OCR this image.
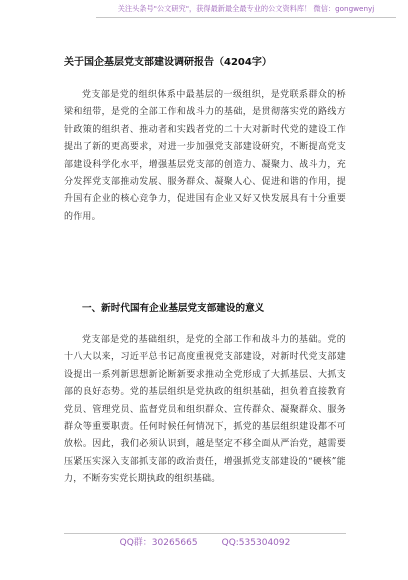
关注头条号"公文研究"，获得最新最全最专业的公文资料库！ 微信：gongwenyj
关于国企基层党支部建设调研报告（4204字）

党支部是党的组织体系中最基层的一级组织，是党联系群众的桥梁和纽带，是党的全部工作和战斗力的基础，是贯彻落实党的路线方针政策的组织者、推动者和实践者党的二十大对新时代党的建设工作提出了新的更高要求，对进一步加强党支部建设研究，不断提高党支部建设科学化水平，增强基层党支部的创造力、凝聚力、战斗力，充分发挥党支部推动发展、服务群众、凝聚人心、促进和谐的作用，提升国有企业的核心竞争力，促进国有企业又好又快发展具有十分重要的作用。

一、新时代国有企业基层党支部建设的意义

党支部是党的基础组织，是党的全部工作和战斗力的基础。党的十八大以来，习近平总书记高度重视党支部建设，对新时代党支部建设提出一系列新思想新论断新要求推动全党形成了大抓基层、大抓支部的良好态势。党的基层组织是党执政的组织基础，担负着直接教育党员、管理党员、监督党员和组织群众、宣传群众、凝聚群众、服务群众等重要职责。任何时候任何情况下，抓党的基层组织建设都不可放松。因此，我们必须认识到，越是坚定不移全面从严治党，越需要压紧压实深入支部抓支部的政治责任，增强抓党支部建设的“硬核”能力，不断夯实党长期执政的组织基础。

QQ群：30265665	QQ:535304092
